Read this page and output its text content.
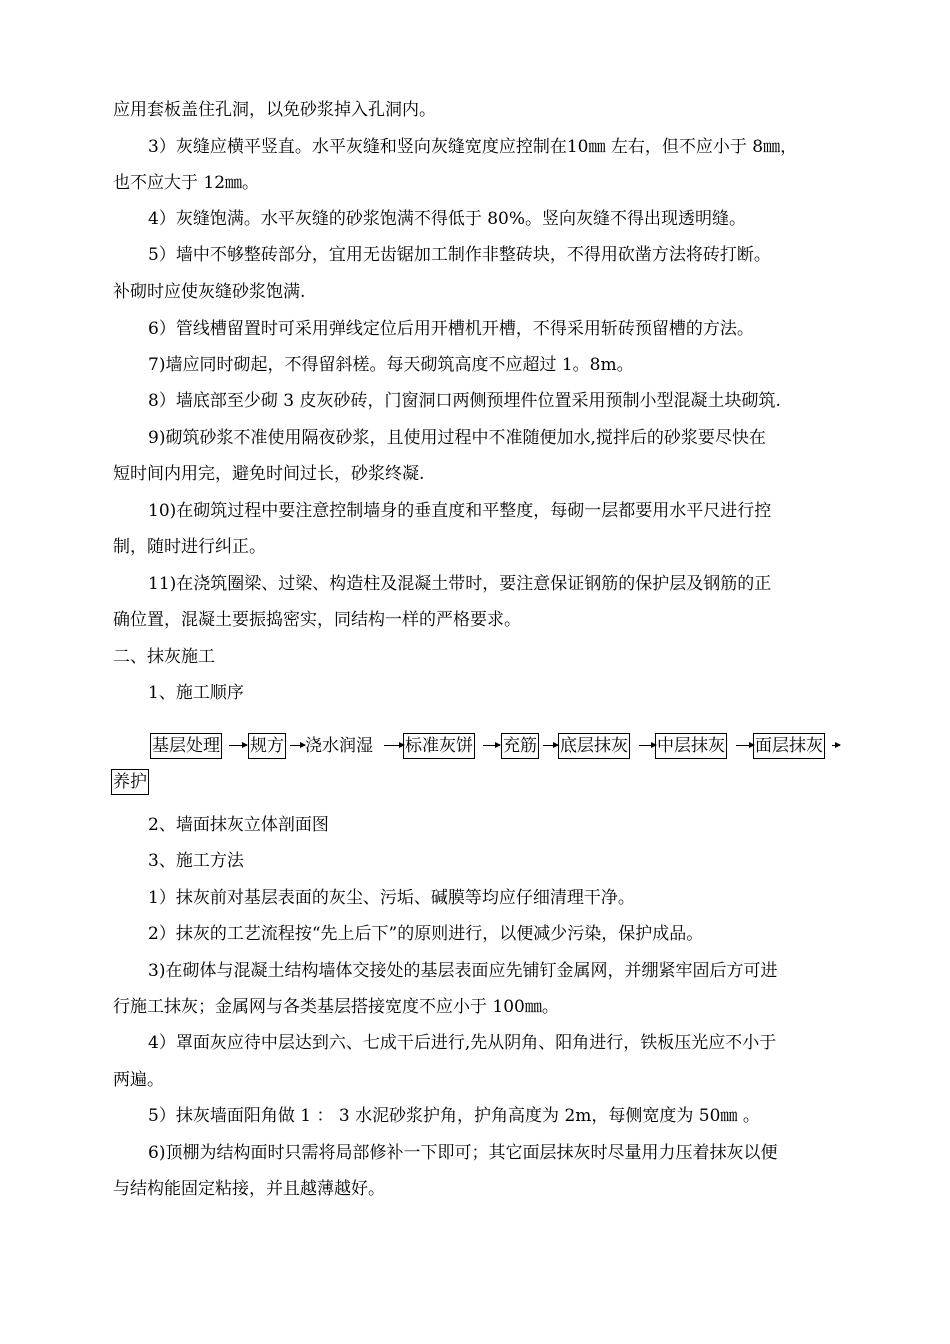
应用套板盖住孔洞，以免砂浆掉入孔洞内。
3）灰缝应横平竖直。水平灰缝和竖向灰缝宽度应控制在10㎜ 左右，但不应小于 8㎜，
也不应大于 12㎜。
4）灰缝饱满。水平灰缝的砂浆饱满不得低于 80%。竖向灰缝不得出现透明缝。
5）墙中不够整砖部分，宜用无齿锯加工制作非整砖块，不得用砍凿方法将砖打断。
补砌时应使灰缝砂浆饱满.
6）管线槽留置时可采用弹线定位后用开槽机开槽，不得采用斩砖预留槽的方法。
7)墙应同时砌起，不得留斜槎。每天砌筑高度不应超过 1。8m。
8）墙底部至少砌 3 皮灰砂砖，门窗洞口两侧预埋件位置采用预制小型混凝土块砌筑.
9)砌筑砂浆不准使用隔夜砂浆，且使用过程中不准随便加水,搅拌后的砂浆要尽快在
短时间内用完，避免时间过长，砂浆终凝.
10)在砌筑过程中要注意控制墙身的垂直度和平整度，每砌一层都要用水平尺进行控
制，随时进行纠正。
11)在浇筑圈梁、过梁、构造柱及混凝土带时，要注意保证钢筋的保护层及钢筋的正
确位置，混凝土要振捣密实，同结构一样的严格要求。
二、抹灰施工
1、施工顺序
基层处理 规方 浇水润湿 标准灰饼 充筋 底层抹灰 中层抹灰 面层抹灰
养护
2、墙面抹灰立体剖面图
3、施工方法
1）抹灰前对基层表面的灰尘、污垢、碱膜等均应仔细清理干净。
2）抹灰的工艺流程按“先上后下”的原则进行，以便减少污染，保护成品。
3)在砌体与混凝土结构墙体交接处的基层表面应先铺钉金属网，并绷紧牢固后方可进
行施工抹灰；金属网与各类基层搭接宽度不应小于 100㎜。
4）罩面灰应待中层达到六、七成干后进行,先从阴角、阳角进行，铁板压光应不小于
两遍。
5）抹灰墙面阳角做 1 ： 3 水泥砂浆护角，护角高度为 2m，每侧宽度为 50㎜ 。
6)顶棚为结构面时只需将局部修补一下即可；其它面层抹灰时尽量用力压着抹灰以便
与结构能固定粘接，并且越薄越好。
